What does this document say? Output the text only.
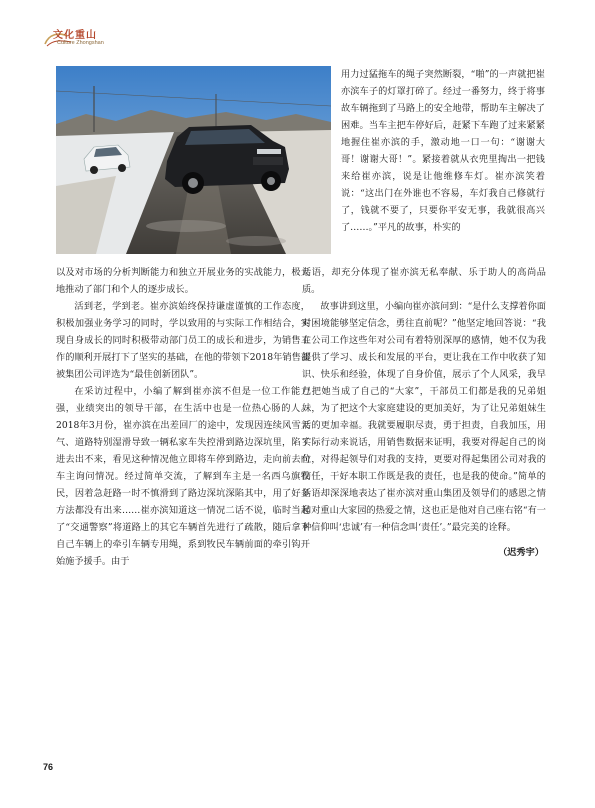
文化重山
Culture Zhongshan

以及对市场的分析判断能力和独立开展业务的实战能力，极大地推动了部门和个人的逐步成长。

活到老，学到老。崔亦滨始终保持谦虚谨慎的工作态度，积极加强业务学习的同时，学以致用的与实际工作相结合，实现自身成长的同时积极带动部门员工的成长和进步，为销售工作的顺利开展打下了坚实的基础，在他的带领下2018年销售部被集团公司评选为“最佳创新团队”。

在采访过程中，小编了解到崔亦滨不但是一位工作能力强，业绩突出的领导干部，在生活中也是一位热心肠的人。2018年3月份，崔亦滨在出差回厂的途中，发现因连续风雪天气、道路特别湿滑导致一辆私家车失控滑到路边深坑里，陷了进去出不来，看见这种情况他立即将车停到路边，走向前去向车主询问情况。经过简单交流，了解到车主是一名西乌旗牧民，因着急赶路一时不慎滑到了路边深坑深陷其中，用了好多方法都没有出来……崔亦滨知道这一情况二话不说，临时当起了“交通警察”将道路上的其它车辆首先进行了疏散，随后拿下自己车辆上的牵引车辆专用绳，系到牧民车辆前面的牵引钩开始施予援手。由于

用力过猛拖车的绳子突然断裂，“啪”的一声就把崔亦滨车子的灯罩打碎了。经过一番努力，终于将事故车辆拖到了马路上的安全地带，帮助车主解决了困难。当车主把车停好后，赶紧下车跑了过来紧紧地握住崔亦滨的手，激动地一口一句：“谢谢大哥！谢谢大哥！”。紧接着就从衣兜里掏出一把钱来给崔亦滨，说是让他维修车灯。崔亦滨笑着说：“这出门在外谁也不容易，车灯我自己修就行了，钱就不要了，只要你平安无事，我就很高兴了……。”平凡的故事，朴实的

话语，却充分体现了崔亦滨无私奉献、乐于助人的高尚品质。

故事讲到这里，小编向崔亦滨问到：“是什么支撑着你面对困境能够坚定信念，勇往直前呢？”他坚定地回答说：“我在公司工作这些年对公司有着特别深厚的感情，她不仅为我提供了学习、成长和发展的平台，更让我在工作中收获了知识、快乐和经验，体现了自身价值，展示了个人风采，我早已把她当成了自己的“大家”，干部员工们都是我的兄弟姐妹，为了把这个大家庭建设的更加美好，为了让兄弟姐妹生活的更加幸福。我就要履职尽责，勇于担责，自我加压，用实际行动来说话，用销售数据来证明，我要对得起自己的岗位，对得起领导们对我的支持，更要对得起集团公司对我的信任，干好本职工作既是我的责任，也是我的使命。”简单的话语却深深地表达了崔亦滨对重山集团及领导们的感恩之情和对重山大家园的热爱之情，这也正是他对自己座右铭“有一种信仰叫‘忠诚’有一种信念叫‘责任’。”最完美的诠释。

（迟秀宇）

76
